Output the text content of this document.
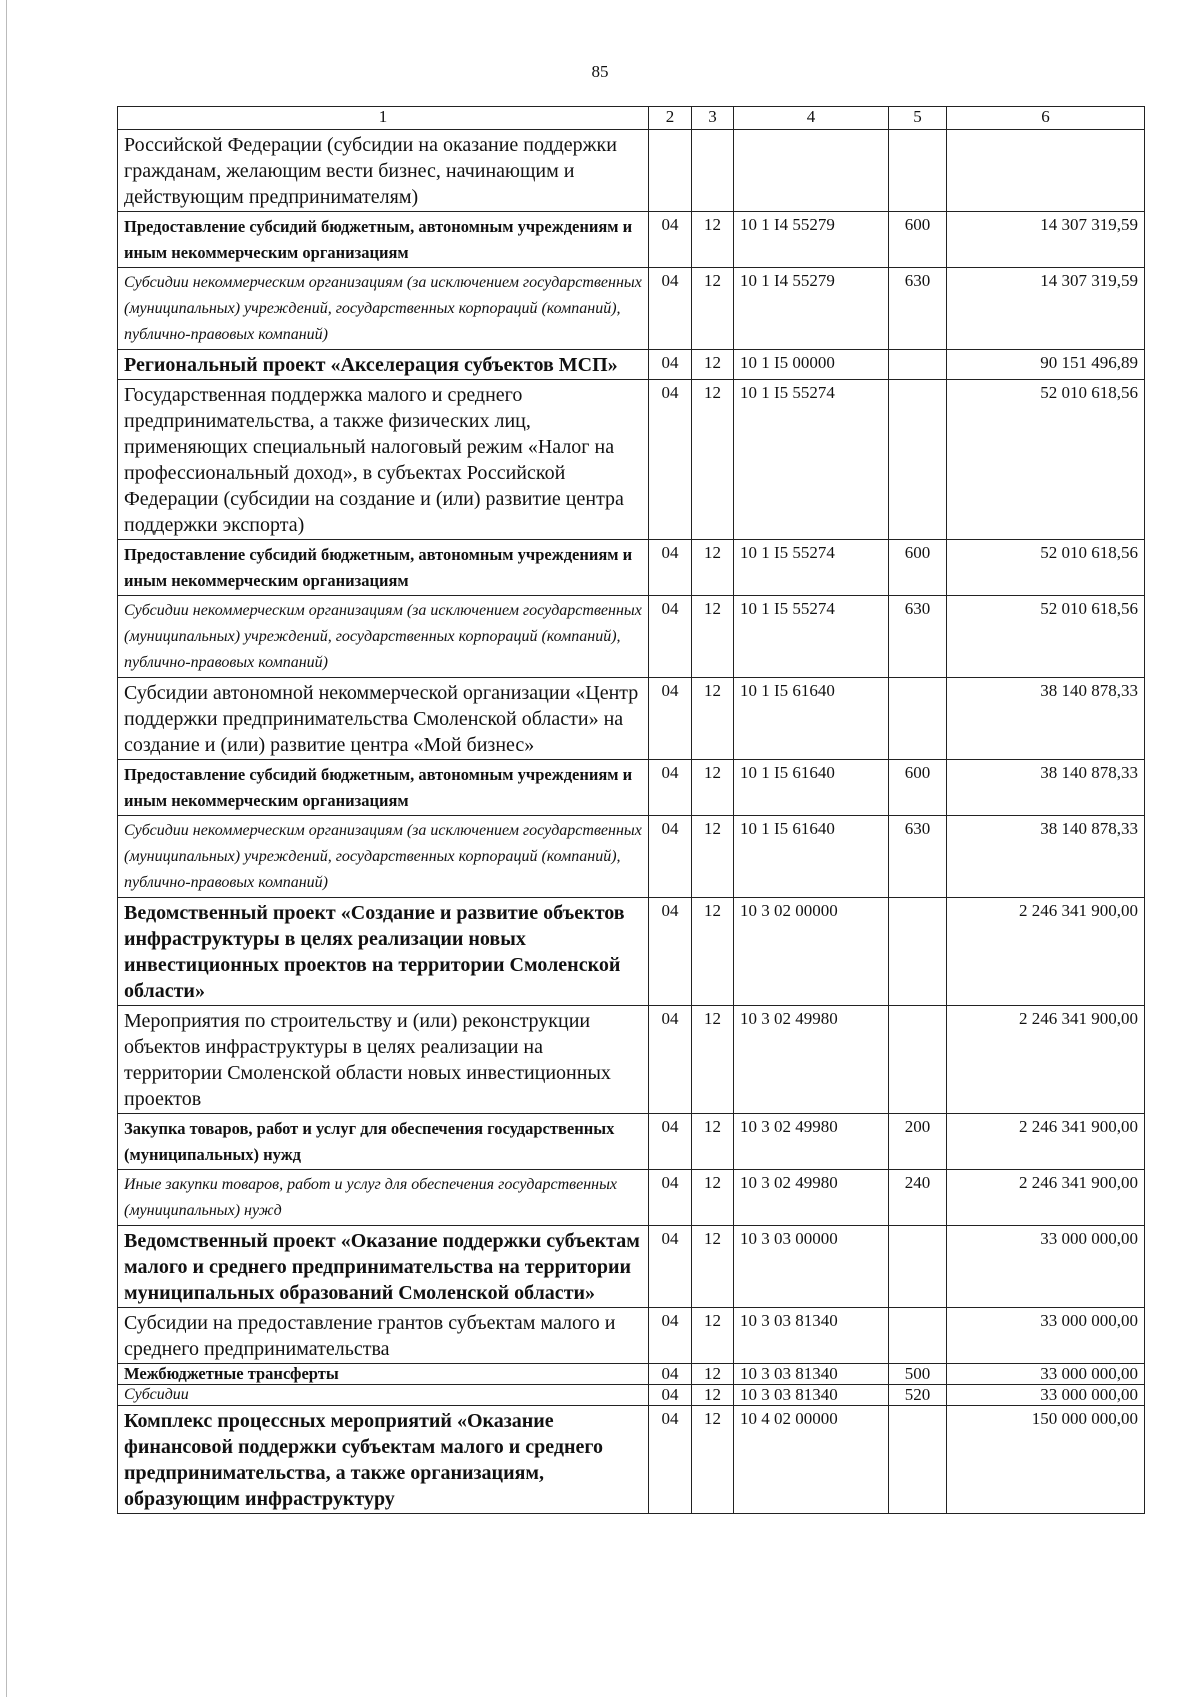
85
1	2	3	4	5	6
Российской Федерации (субсидии на оказание поддержки гражданам, желающим вести бизнес, начинающим и действующим предпринимателям)					
Предоставление субсидий бюджетным, автономным учреждениям и иным некоммерческим организациям	04	12	10 1 I4 55279	600	14 307 319,59
Субсидии некоммерческим организациям (за исключением государственных (муниципальных) учреждений, государственных корпораций (компаний), публично-правовых компаний)	04	12	10 1 I4 55279	630	14 307 319,59
Региональный проект «Акселерация субъектов МСП»	04	12	10 1 I5 00000		90 151 496,89
Государственная поддержка малого и среднего предпринимательства, а также физических лиц, применяющих специальный налоговый режим «Налог на профессиональный доход», в субъектах Российской Федерации (субсидии на создание и (или) развитие центра поддержки экспорта)	04	12	10 1 I5 55274		52 010 618,56
Предоставление субсидий бюджетным, автономным учреждениям и иным некоммерческим организациям	04	12	10 1 I5 55274	600	52 010 618,56
Субсидии некоммерческим организациям (за исключением государственных (муниципальных) учреждений, государственных корпораций (компаний), публично-правовых компаний)	04	12	10 1 I5 55274	630	52 010 618,56
Субсидии автономной некоммерческой организации «Центр поддержки предпринимательства Смоленской области» на создание и (или) развитие центра «Мой бизнес»	04	12	10 1 I5 61640		38 140 878,33
Предоставление субсидий бюджетным, автономным учреждениям и иным некоммерческим организациям	04	12	10 1 I5 61640	600	38 140 878,33
Субсидии некоммерческим организациям (за исключением государственных (муниципальных) учреждений, государственных корпораций (компаний), публично-правовых компаний)	04	12	10 1 I5 61640	630	38 140 878,33
Ведомственный проект «Создание и развитие объектов инфраструктуры в целях реализации новых инвестиционных проектов на территории Смоленской области»	04	12	10 3 02 00000		2 246 341 900,00
Мероприятия по строительству и (или) реконструкции объектов инфраструктуры в целях реализации на территории Смоленской области новых инвестиционных проектов	04	12	10 3 02 49980		2 246 341 900,00
Закупка товаров, работ и услуг для обеспечения государственных (муниципальных) нужд	04	12	10 3 02 49980	200	2 246 341 900,00
Иные закупки товаров, работ и услуг для обеспечения государственных (муниципальных) нужд	04	12	10 3 02 49980	240	2 246 341 900,00
Ведомственный проект «Оказание поддержки субъектам малого и среднего предпринимательства на территории муниципальных образований Смоленской области»	04	12	10 3 03 00000		33 000 000,00
Субсидии на предоставление грантов субъектам малого и среднего предпринимательства	04	12	10 3 03 81340		33 000 000,00
Межбюджетные трансферты	04	12	10 3 03 81340	500	33 000 000,00
Субсидии	04	12	10 3 03 81340	520	33 000 000,00
Комплекс процессных мероприятий «Оказание финансовой поддержки субъектам малого и среднего предпринимательства, а также организациям, образующим инфраструктуру	04	12	10 4 02 00000		150 000 000,00
